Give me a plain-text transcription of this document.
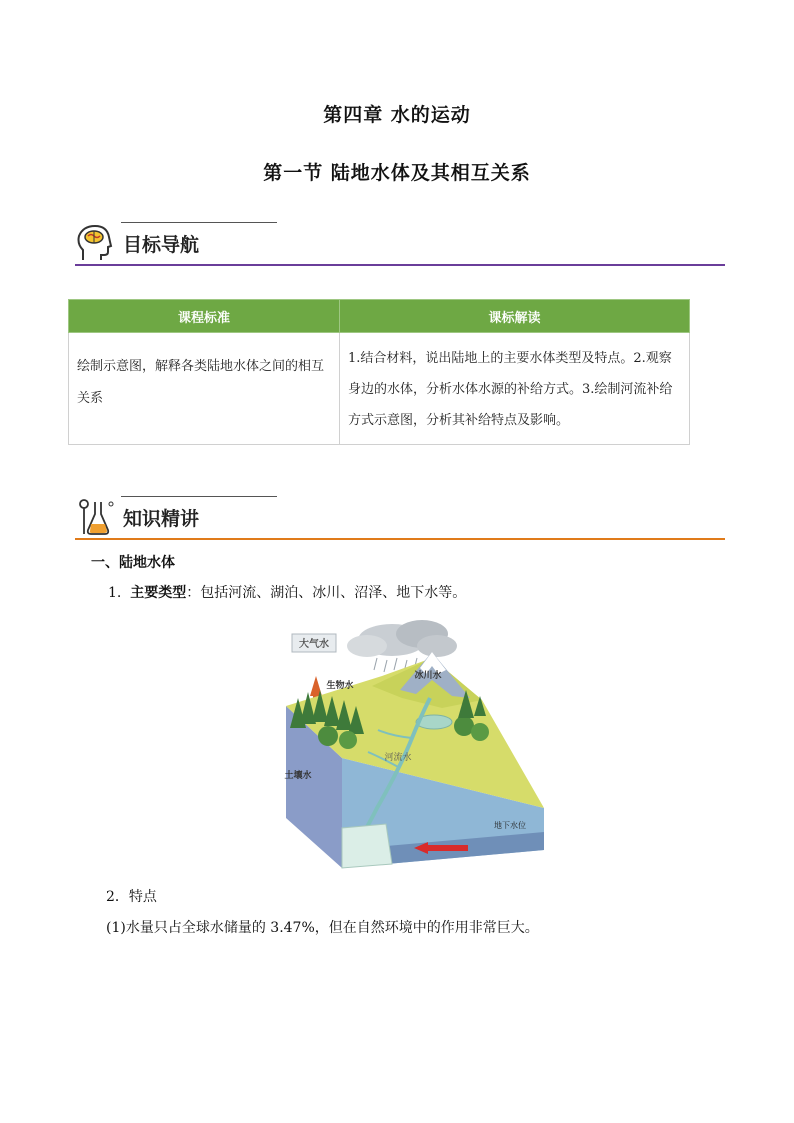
第四章 水的运动
第一节 陆地水体及其相互关系
目标导航
课程标准	课标解读
绘制示意图，解释各类陆地水体之间的相互关系	1.结合材料，说出陆地上的主要水体类型及特点。2.观察身边的水体，分析水体水源的补给方式。3.绘制河流补给方式示意图，分析其补给特点及影响。
知识精讲
一、陆地水体
1. 主要类型：包括河流、湖泊、冰川、沼泽、地下水等。
大气水
冰川水
河流水
生物水
土壤水
地下水位
2．特点
(1)水量只占全球水储量的 3.47%，但在自然环境中的作用非常巨大。
